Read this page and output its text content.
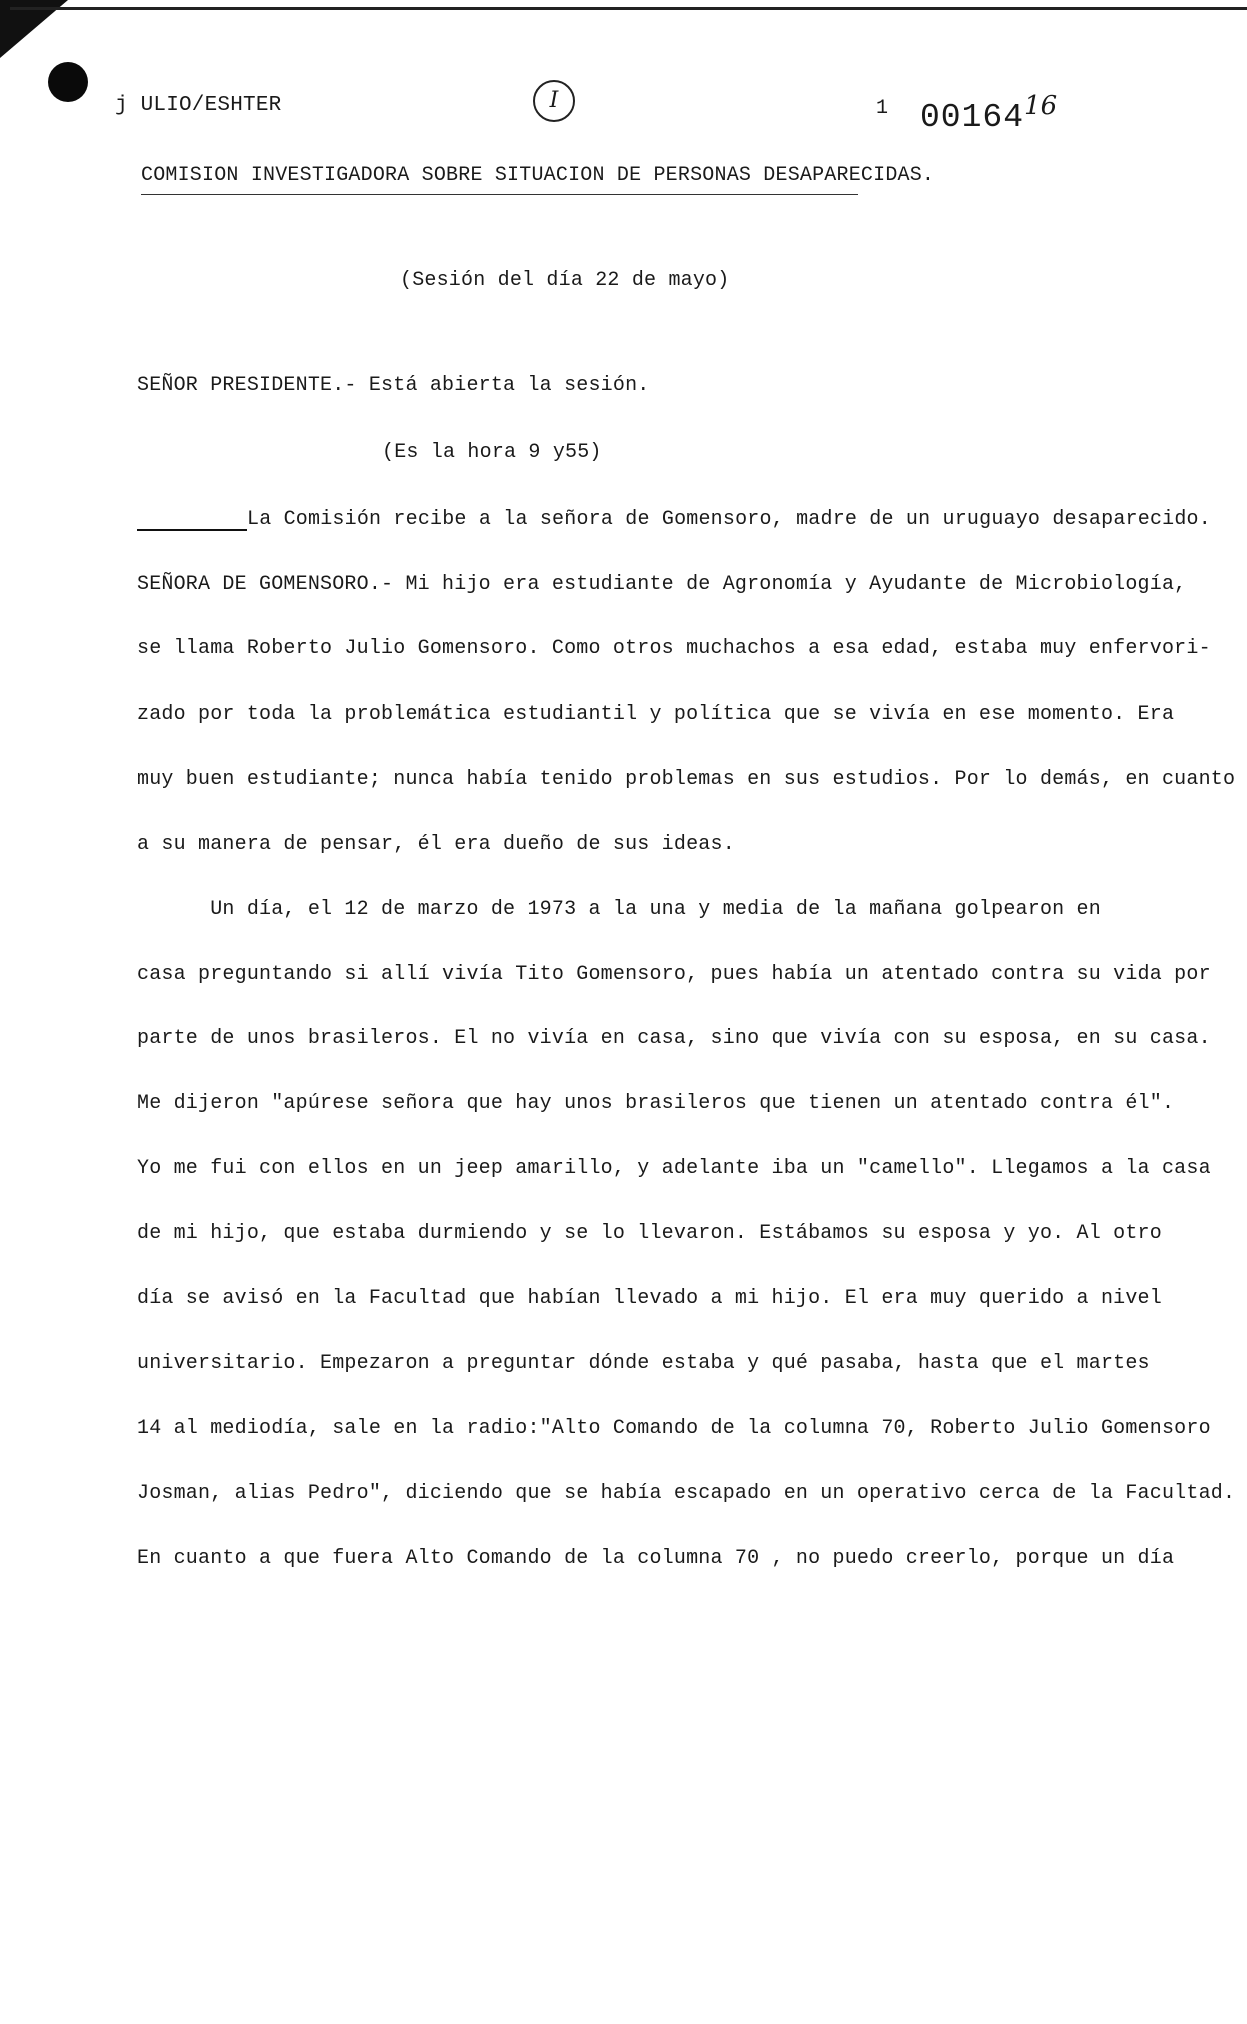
j ULIO/ESHTER	I	1 00164$^{16}$
COMISION INVESTIGADORA SOBRE SITUACION DE PERSONAS DESAPARECIDAS.
(Sesión del día 22 de mayo)
SEÑOR PRESIDENTE.- Está abierta la sesión.
(Es la hora 9 y55)
La Comisión recibe a la señora de Gomensoro, madre de un uruguayo desaparecido.
SEÑORA DE GOMENSORO.- Mi hijo era estudiante de Agronomía y Ayudante de Microbiología,
se llama Roberto Julio Gomensoro. Como otros muchachos a esa edad, estaba muy enfervori-
zado por toda la problemática estudiantil y política que se vivía en ese momento. Era
muy buen estudiante; nunca había tenido problemas en sus estudios. Por lo demás, en cuanto
a su manera de pensar, él era dueño de sus ideas.
Un día, el 12 de marzo de 1973 a la una y media de la mañana golpearon en
casa preguntando si allí vivía Tito Gomensoro, pues había un atentado contra su vida por
parte de unos brasileros. El no vivía en casa, sino que vivía con su esposa, en su casa.
Me dijeron "apúrese señora que hay unos brasileros que tienen un atentado contra él".
Yo me fui con ellos en un jeep amarillo, y adelante iba un "camello". Llegamos a la casa
de mi hijo, que estaba durmiendo y se lo llevaron. Estábamos su esposa y yo. Al otro
día se avisó en la Facultad que habían llevado a mi hijo. El era muy querido a nivel
universitario. Empezaron a preguntar dónde estaba y qué pasaba, hasta que el martes
14 al mediodía, sale en la radio:"Alto Comando de la columna 70, Roberto Julio Gomensoro
Josman, alias Pedro", diciendo que se había escapado en un operativo cerca de la Facultad.
En cuanto a que fuera Alto Comando de la columna 70 , no puedo creerlo, porque un día
